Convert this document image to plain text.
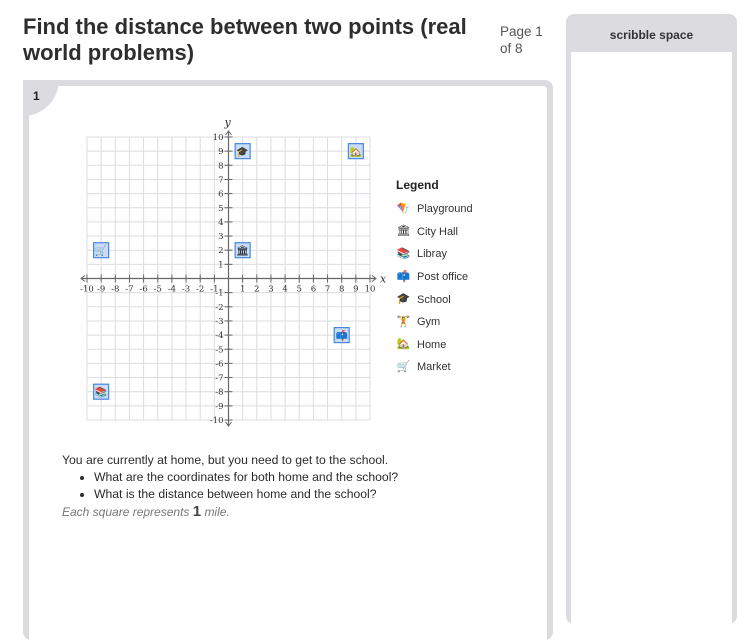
Find the distance between two points (real world problems)
Page 1 of 8
1
scribble space
x
y
-10 -9 -8 -7 -6 -5 -4 -3 -2 -1	1 2 3 4 5 6 7 8 9 10
-10
-9
-8
-7
-6
-5
-4
-3
-2
-1
1
2
3
4
5
6
7
8
9
10
🎓	🏡
🛒	🏛
📫
📚
Legend
🪁 Playground
🏛 City Hall
📚 Libray
📫 Post office
🎓 School
🏋 Gym
🏡 Home
🛒 Market
You are currently at home, but you need to get to the school.
• What are the coordinates for both home and the school?
• What is the distance between home and the school?
Each square represents 1 mile.
